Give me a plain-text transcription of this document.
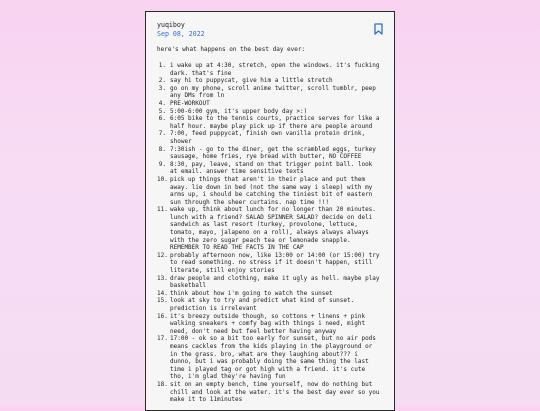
yuqiboy
Sep 08, 2022
here's what happens on the best day ever:
1. i wake up at 4:30, stretch, open the windows. it's fucking dark. that's fine
2. say hi to puppycat, give him a little stretch
3. go on my phone, scroll anime twitter, scroll tumblr, peep any DMs from ln
4. PRE-WORKOUT
5. 5:00-6:00 gym, it's upper body day >:)
6. 6:05 bike to the tennis courts, practice serves for like a half hour. maybe play pick up if there are people around
7. 7:00, feed puppycat, finish own vanilla protein drink, shower
8. 7:30ish - go to the diner, get the scrambled eggs, turkey sausage, home fries, rye bread with butter, NO COFFEE
9. 8:30, pay, leave, stand on that trigger point ball. look at email. answer time sensitive texts
10. pick up things that aren't in their place and put them away. lie down in bed (not the same way i sleep) with my arms up, i should be catching the tiniest bit of eastern sun through the sheer curtains. nap time !!!
11. wake up, think about lunch for no longer than 20 minutes. lunch with a friend? SALAD SPINNER SALAD? decide on deli sandwich as last resort (turkey, provolone, lettuce, tomato, mayo, jalapeno on a roll), always always always with the zero sugar peach tea or lemonade snapple. REMEMBER TO READ THE FACTS IN THE CAP
12. probably afternoon now, like 13:00 or 14:00 (or 15:00) try to read something. no stress if it doesn't happen, still literate, still enjoy stories
13. draw people and clothing, make it ugly as hell. maybe play basketball
14. think about how i'm going to watch the sunset
15. look at sky to try and predict what kind of sunset. prediction is irrelevant
16. it's breezy outside though, so cottons + linens + pink walking sneakers + comfy bag with things i need, might need, don't need but feel better having anyway
17. 17:00 - ok so a bit too early for sunset, but no air pods means cackles from the kids playing in the playground or in the grass. bro, what are they laughing about??? i dunno, but i was probably doing the same thing the last time i played tag or got high with a friend. it's cute tho, i'm glad they're having fun
18. sit on an empty bench, time yourself, now do nothing but chill and look at the water. it's the best day ever so you make it to 11minutes
